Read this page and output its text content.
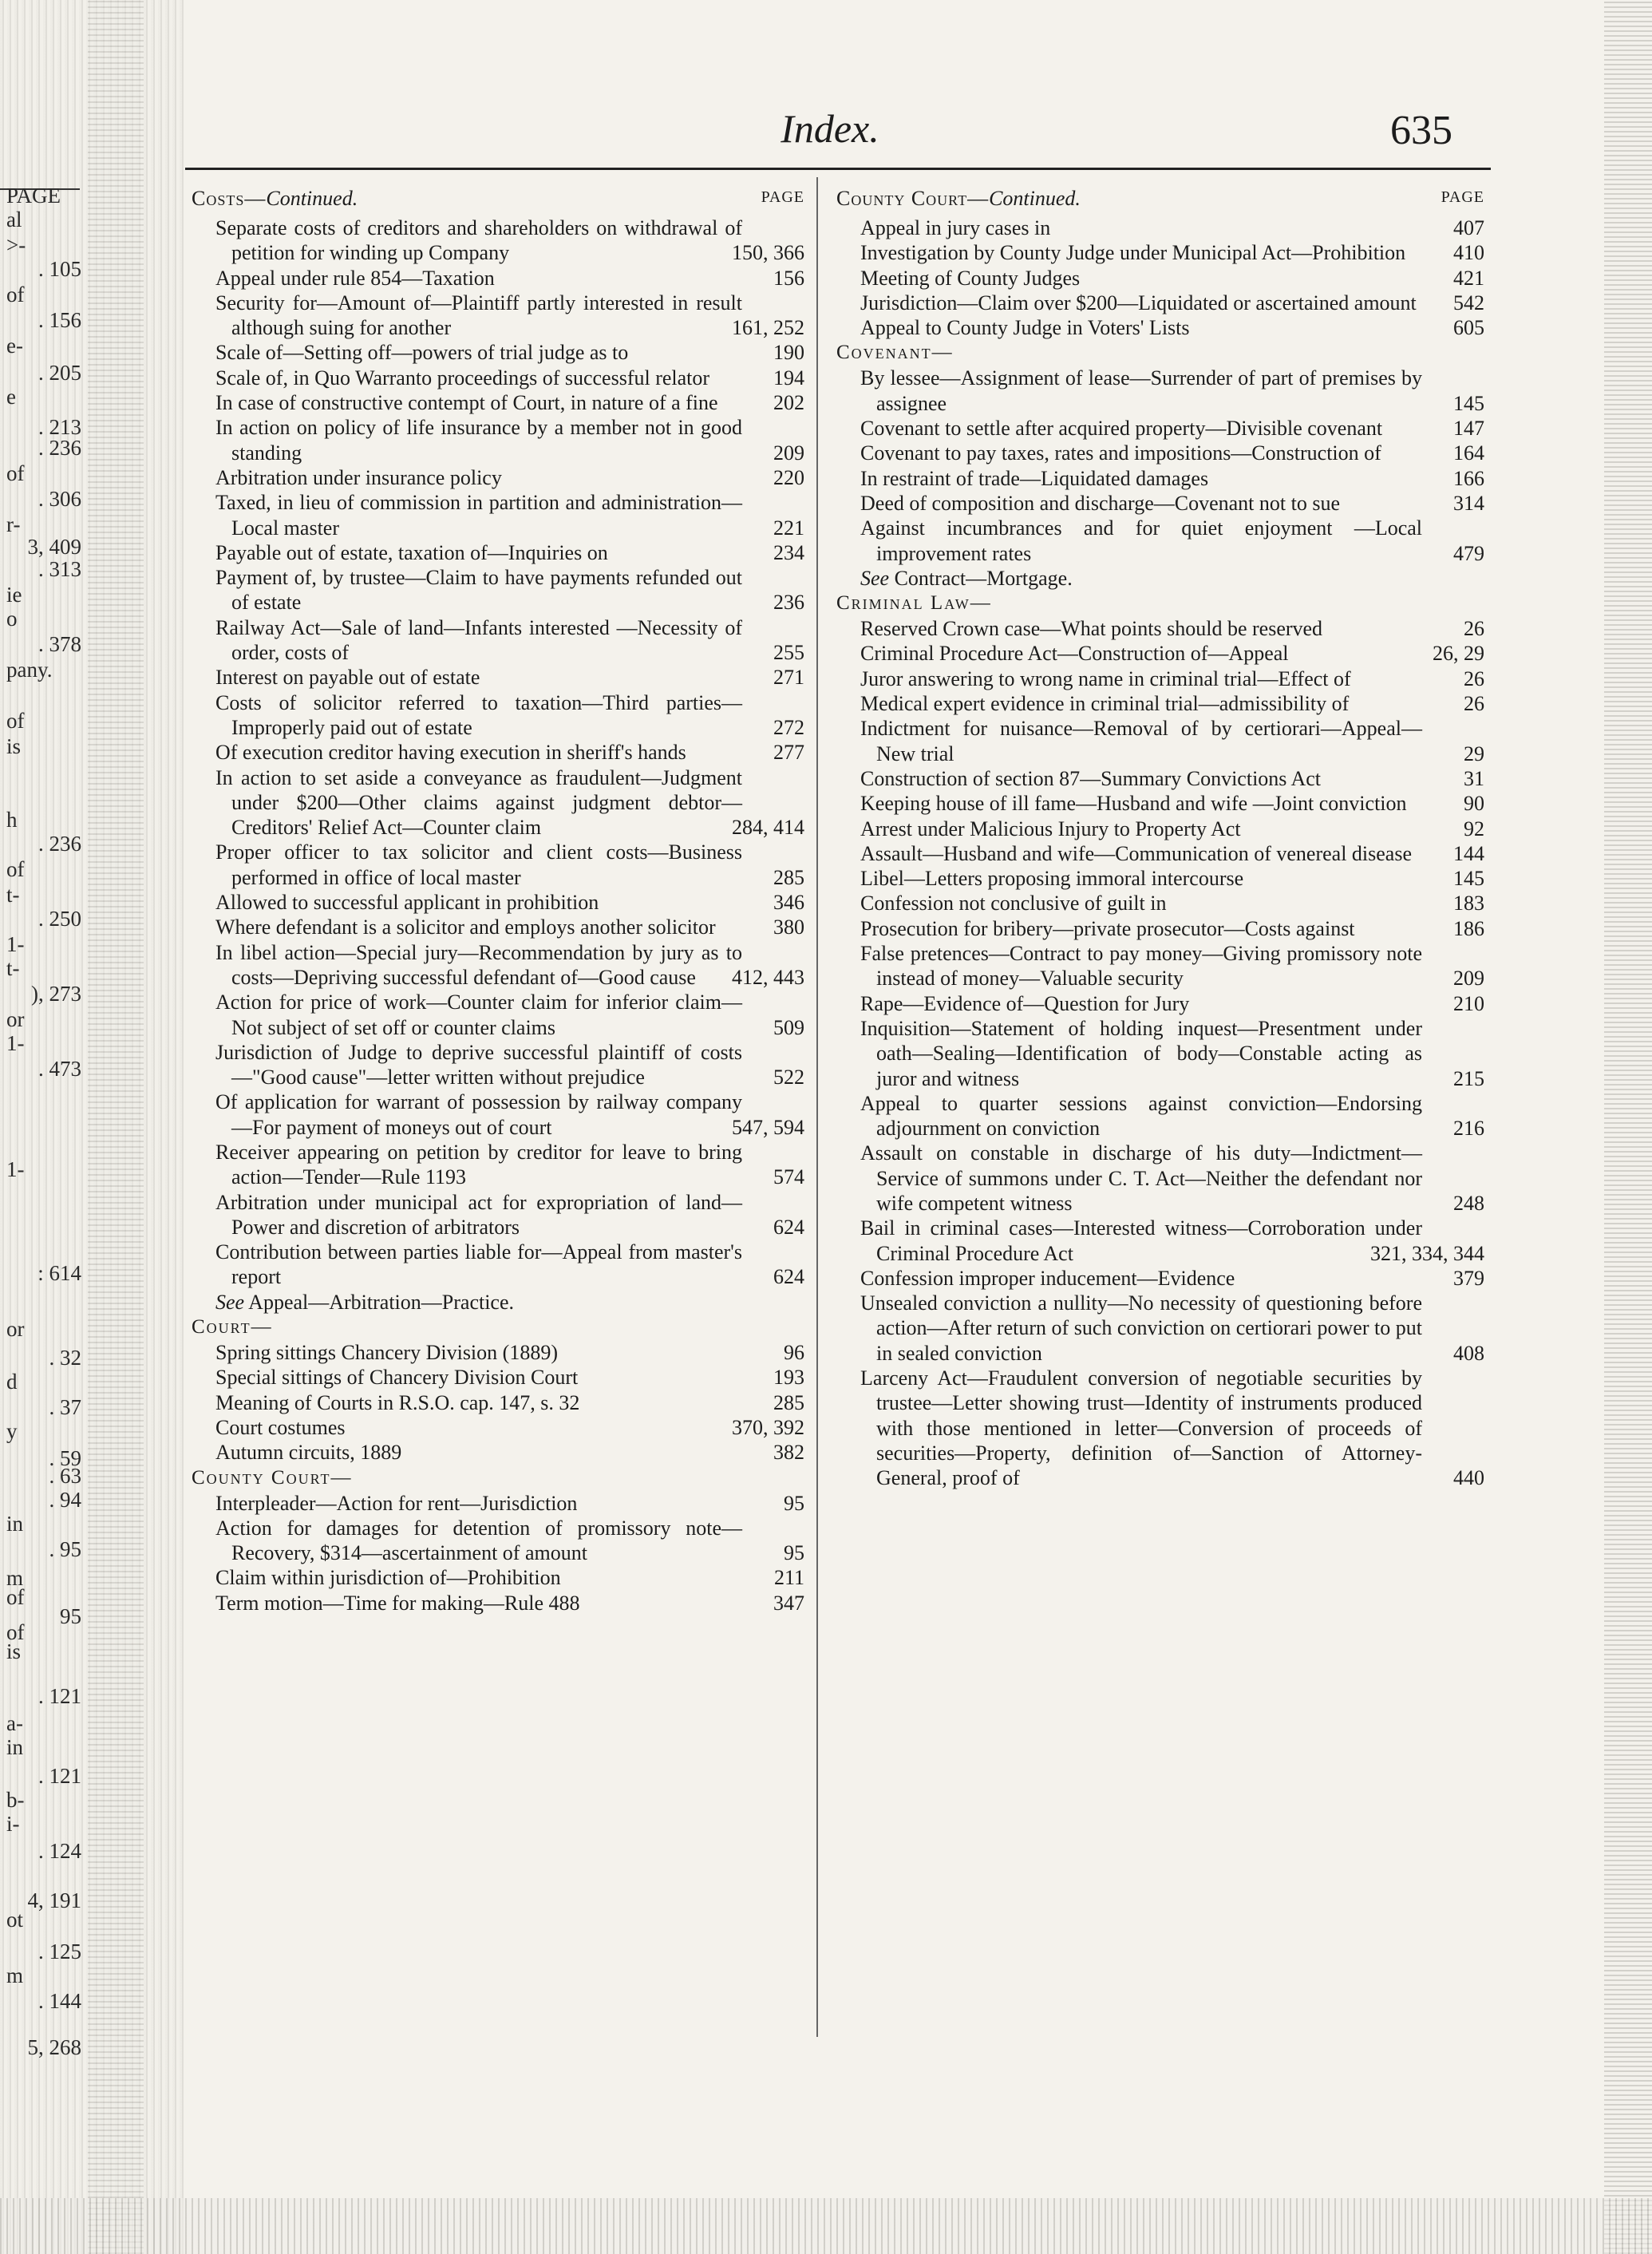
PAGE
al
>-
. 105
of
. 156
e-
. 205
e
. 213
. 236
of
. 306
r-
3, 409
. 313
ie
o
. 378
pany.
of
is
h
. 236
of
t-
. 250
1-
t-
), 273
or
1-
. 473
1-
: 614
or
. 32
d
. 37
y
. 59
. 63
. 94
in
. 95
m
of
95
of
is
. 121
a-
in
. 121
b-
i-
. 124
4, 191
ot
. 125
m
. 144
5, 268
Index.	635
Costs—Continued.	PAGE
Separate costs of creditors and shareholders on withdrawal of petition for winding up Company	150, 366
Appeal under rule 854—Taxation	156
Security for—Amount of—Plaintiff partly interested in result although suing for another	161, 252
Scale of—Setting off—powers of trial judge as to	190
Scale of, in Quo Warranto proceedings of successful relator	194
In case of constructive contempt of Court, in nature of a fine	202
In action on policy of life insurance by a member not in good standing	209
Arbitration under insurance policy	220
Taxed, in lieu of commission in partition and administration—Local master	221
Payable out of estate, taxation of—Inquiries on	234
Payment of, by trustee—Claim to have payments refunded out of estate	236
Railway Act—Sale of land—Infants interested —Necessity of order, costs of	255
Interest on payable out of estate	271
Costs of solicitor referred to taxation—Third parties—Improperly paid out of estate	272
Of execution creditor having execution in sheriff's hands	277
In action to set aside a conveyance as fraudulent—Judgment under $200—Other claims against judgment debtor—Creditors' Relief Act—Counter claim	284, 414
Proper officer to tax solicitor and client costs—Business performed in office of local master	285
Allowed to successful applicant in prohibition	346
Where defendant is a solicitor and employs another solicitor	380
In libel action—Special jury—Recommendation by jury as to costs—Depriving successful defendant of—Good cause 412, 443
Action for price of work—Counter claim for inferior claim—Not subject of set off or counter claims	509
Jurisdiction of Judge to deprive successful plaintiff of costs—"Good cause"—letter written without prejudice	522
Of application for warrant of possession by railway company—For payment of moneys out of court	547, 594
Receiver appearing on petition by creditor for leave to bring action—Tender—Rule 1193	574
Arbitration under municipal act for expropriation of land—Power and discretion of arbitrators	624
Contribution between parties liable for—Appeal from master's report	624
See Appeal—Arbitration—Practice.
Court—
Spring sittings Chancery Division (1889)	96
Special sittings of Chancery Division Court	193
Meaning of Courts in R.S.O. cap. 147, s. 32	285
Court costumes	370, 392
Autumn circuits, 1889	382
County Court—
Interpleader—Action for rent—Jurisdiction	95
Action for damages for detention of promissory note—Recovery, $314—ascertainment of amount	95
Claim within jurisdiction of—Prohibition	211
Term motion—Time for making—Rule 488	347
County Court—Continued.	PAGE
Appeal in jury cases in	407
Investigation by County Judge under Municipal Act—Prohibition 410
Meeting of County Judges	421
Jurisdiction—Claim over $200—Liquidated or ascertained amount 542
Appeal to County Judge in Voters' Lists	605
Covenant—
By lessee—Assignment of lease—Surrender of part of premises by assignee	145
Covenant to settle after acquired property—Divisible covenant	147
Covenant to pay taxes, rates and impositions—Construction of	164
In restraint of trade—Liquidated damages	166
Deed of composition and discharge—Covenant not to sue	314
Against incumbrances and for quiet enjoyment —Local improvement rates	479
See Contract—Mortgage.
Criminal Law—
Reserved Crown case—What points should be reserved	26
Criminal Procedure Act—Construction of—Appeal	26, 29
Juror answering to wrong name in criminal trial—Effect of	26
Medical expert evidence in criminal trial—admissibility of	26
Indictment for nuisance—Removal of by certiorari—Appeal—New trial	29
Construction of section 87—Summary Convictions Act	31
Keeping house of ill fame—Husband and wife —Joint conviction	90
Arrest under Malicious Injury to Property Act	92
Assault—Husband and wife—Communication of venereal disease 144
Libel—Letters proposing immoral intercourse	145
Confession not conclusive of guilt in	183
Prosecution for bribery—private prosecutor—Costs against	186
False pretences—Contract to pay money—Giving promissory note instead of money—Valuable security	209
Rape—Evidence of—Question for Jury	210
Inquisition—Statement of holding inquest—Presentment under oath—Sealing—Identification of body—Constable acting as juror and witness	215
Appeal to quarter sessions against conviction—Endorsing adjournment on conviction	216
Assault on constable in discharge of his duty—Indictment—Service of summons under C. T. Act—Neither the defendant nor wife competent witness	248
Bail in criminal cases—Interested witness—Corroboration under Criminal Procedure Act	321, 334, 344
Confession improper inducement—Evidence	379
Unsealed conviction a nullity—No necessity of questioning before action—After return of such conviction on certiorari power to put in sealed conviction	408
Larceny Act—Fraudulent conversion of negotiable securities by trustee—Letter showing trust—Identity of instruments produced with those mentioned in letter—Conversion of proceeds of securities—Property, definition of—Sanction of Attorney-General, proof of	440
